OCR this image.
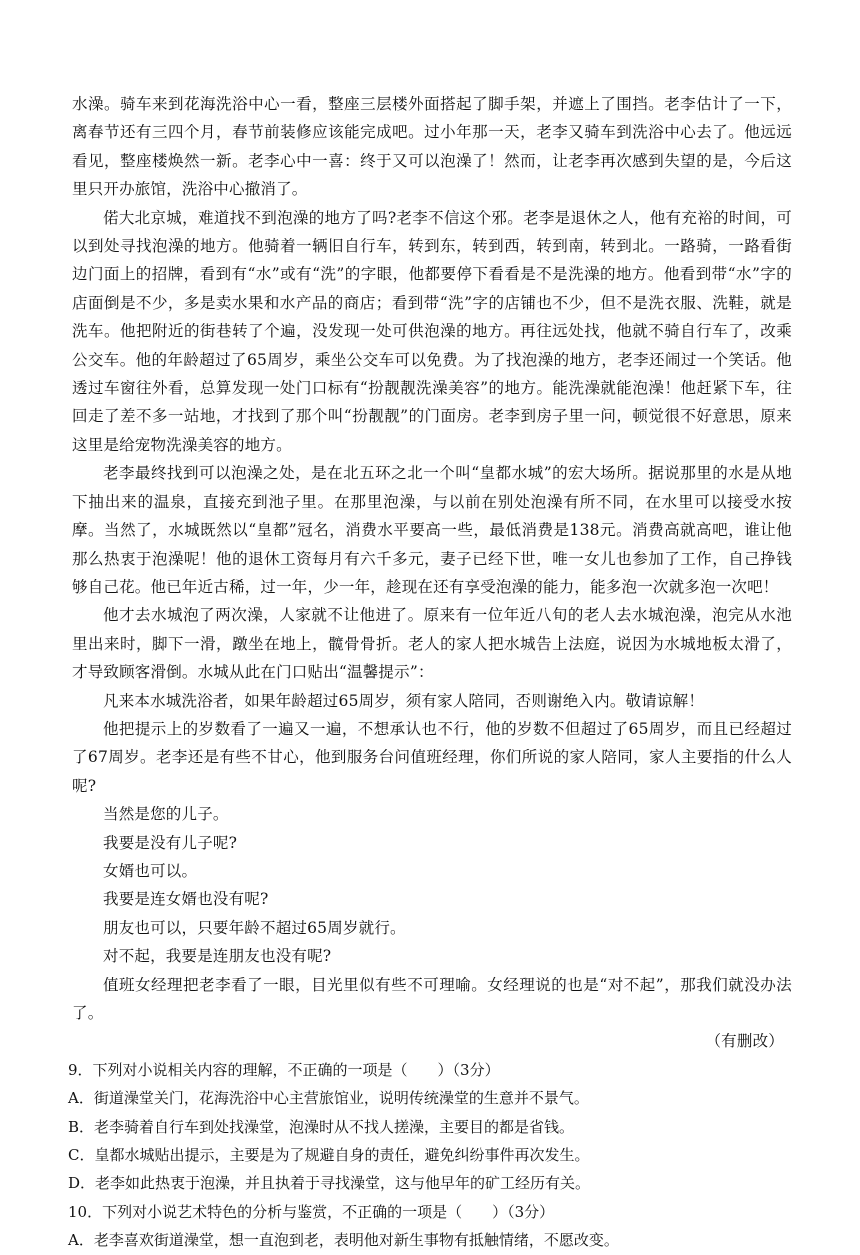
水澡。骑车来到花海洗浴中心一看，整座三层楼外面搭起了脚手架，并遮上了围挡。老李估计了一下，离春节还有三四个月，春节前装修应该能完成吧。过小年那一天，老李又骑车到洗浴中心去了。他远远看见，整座楼焕然一新。老李心中一喜：终于又可以泡澡了！然而，让老李再次感到失望的是，今后这里只开办旅馆，洗浴中心撤消了。

偌大北京城，难道找不到泡澡的地方了吗?老李不信这个邪。老李是退休之人，他有充裕的时间，可以到处寻找泡澡的地方。他骑着一辆旧自行车，转到东，转到西，转到南，转到北。一路骑，一路看街边门面上的招牌，看到有“水”或有“洗”的字眼，他都要停下看看是不是洗澡的地方。他看到带“水”字的店面倒是不少，多是卖水果和水产品的商店；看到带“洗”字的店铺也不少，但不是洗衣服、洗鞋，就是洗车。他把附近的街巷转了个遍，没发现一处可供泡澡的地方。再往远处找，他就不骑自行车了，改乘公交车。他的年龄超过了65周岁，乘坐公交车可以免费。为了找泡澡的地方，老李还闹过一个笑话。他透过车窗往外看，总算发现一处门口标有“扮靓靓洗澡美容”的地方。能洗澡就能泡澡！他赶紧下车，往回走了差不多一站地，才找到了那个叫“扮靓靓”的门面房。老李到房子里一问，顿觉很不好意思，原来这里是给宠物洗澡美容的地方。

老李最终找到可以泡澡之处，是在北五环之北一个叫“皇都水城”的宏大场所。据说那里的水是从地下抽出来的温泉，直接充到池子里。在那里泡澡，与以前在别处泡澡有所不同，在水里可以接受水按摩。当然了，水城既然以“皇都”冠名，消费水平要高一些，最低消费是138元。消费高就高吧，谁让他那么热衷于泡澡呢！他的退休工资每月有六千多元，妻子已经下世，唯一女儿也参加了工作，自己挣钱够自己花。他已年近古稀，过一年，少一年，趁现在还有享受泡澡的能力，能多泡一次就多泡一次吧！

他才去水城泡了两次澡，人家就不让他进了。原来有一位年近八旬的老人去水城泡澡，泡完从水池里出来时，脚下一滑，蹾坐在地上，髋骨骨折。老人的家人把水城告上法庭，说因为水城地板太滑了，才导致顾客滑倒。水城从此在门口贴出“温馨提示”：

凡来本水城洗浴者，如果年龄超过65周岁，须有家人陪同，否则谢绝入内。敬请谅解！

他把提示上的岁数看了一遍又一遍，不想承认也不行，他的岁数不但超过了65周岁，而且已经超过了67周岁。老李还是有些不甘心，他到服务台问值班经理，你们所说的家人陪同，家人主要指的什么人呢?

当然是您的儿子。

我要是没有儿子呢?

女婿也可以。

我要是连女婿也没有呢?

朋友也可以，只要年龄不超过65周岁就行。

对不起，我要是连朋友也没有呢?

值班女经理把老李看了一眼，目光里似有些不可理喻。女经理说的也是“对不起”，那我们就没办法了。

（有删改）

9．下列对小说相关内容的理解，不正确的一项是（　　）（3分）

A．街道澡堂关门，花海洗浴中心主营旅馆业，说明传统澡堂的生意并不景气。

B．老李骑着自行车到处找澡堂，泡澡时从不找人搓澡，主要目的都是省钱。

C．皇都水城贴出提示，主要是为了规避自身的责任，避免纠纷事件再次发生。

D．老李如此热衷于泡澡，并且执着于寻找澡堂，这与他早年的矿工经历有关。

10．下列对小说艺术特色的分析与鉴赏，不正确的一项是（　　）（3分）

A．老李喜欢街道澡堂，想一直泡到老，表明他对新生事物有抵触情绪，不愿改变。
